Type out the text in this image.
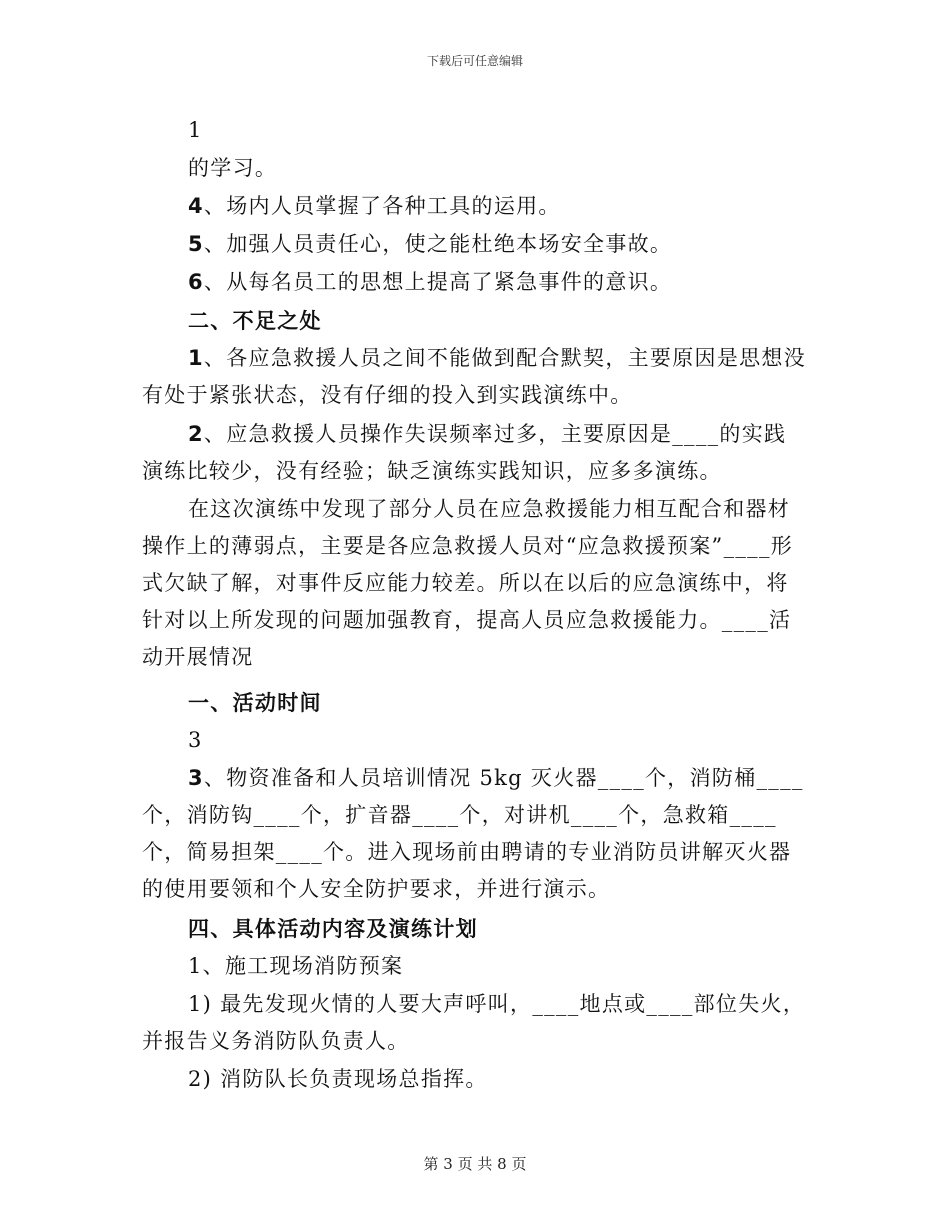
下载后可任意编辑

1

的学习。

4、场内人员掌握了各种工具的运用。

5、加强人员责任心，使之能杜绝本场安全事故。

6、从每名员工的思想上提高了紧急事件的意识。

二、不足之处

1、各应急救援人员之间不能做到配合默契，主要原因是思想没有处于紧张状态，没有仔细的投入到实践演练中。

2、应急救援人员操作失误频率过多，主要原因是____的实践演练比较少，没有经验；缺乏演练实践知识，应多多演练。

在这次演练中发现了部分人员在应急救援能力相互配合和器材操作上的薄弱点，主要是各应急救援人员对“应急救援预案”____形式欠缺了解，对事件反应能力较差。所以在以后的应急演练中，将针对以上所发现的问题加强教育，提高人员应急救援能力。____活动开展情况

一、活动时间

3

3、物资准备和人员培训情况 5kg 灭火器____个，消防桶____个，消防钩____个，扩音器____个，对讲机____个，急救箱____个，简易担架____个。进入现场前由聘请的专业消防员讲解灭火器的使用要领和个人安全防护要求，并进行演示。

四、具体活动内容及演练计划

1、施工现场消防预案

1) 最先发现火情的人要大声呼叫，____地点或____部位失火，并报告义务消防队负责人。

2) 消防队长负责现场总指挥。

第 3 页 共 8 页
